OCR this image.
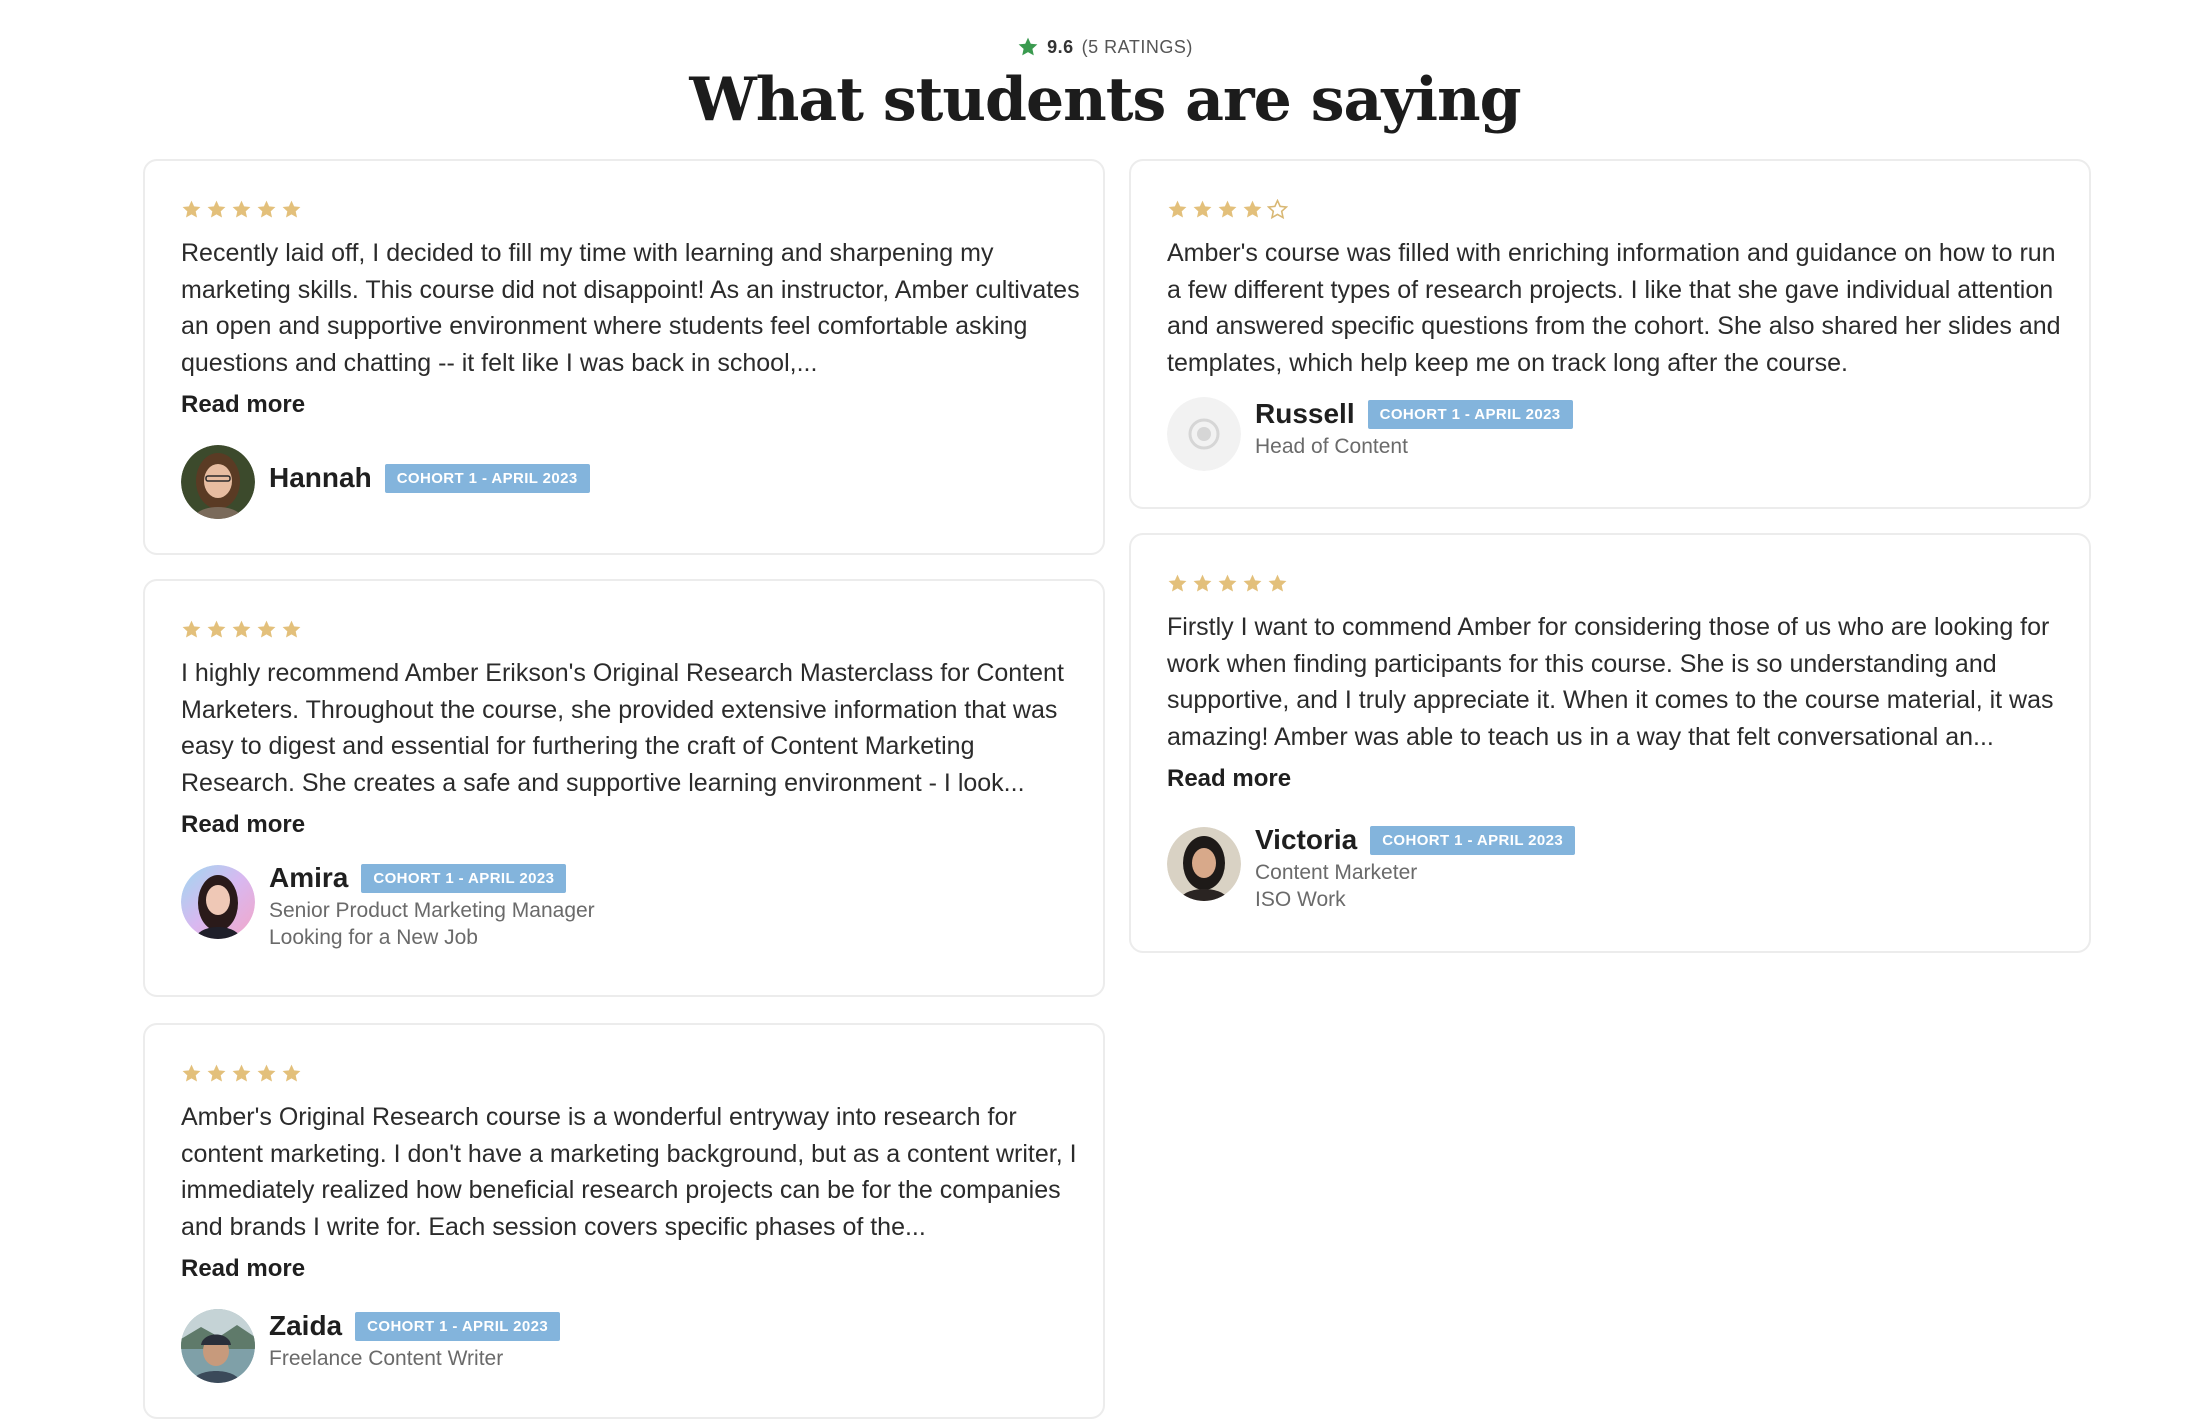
9.6 (5 RATINGS)
What students are saying

Recently laid off, I decided to fill my time with learning and sharpening my marketing skills. This course did not disappoint! As an instructor, Amber cultivates an open and supportive environment where students feel comfortable asking questions and chatting -- it felt like I was back in school,...

Read more
Hannah	COHORT 1 - APRIL 2023

I highly recommend Amber Erikson's Original Research Masterclass for Content Marketers. Throughout the course, she provided extensive information that was easy to digest and essential for furthering the craft of Content Marketing Research. She creates a safe and supportive learning environment - I look...

Read more
Amira	COHORT 1 - APRIL 2023
Senior Product Marketing Manager
Looking for a New Job

Amber's Original Research course is a wonderful entryway into research for content marketing. I don't have a marketing background, but as a content writer, I immediately realized how beneficial research projects can be for the companies and brands I write for. Each session covers specific phases of the...

Read more
Zaida	COHORT 1 - APRIL 2023
Freelance Content Writer

Amber's course was filled with enriching information and guidance on how to run a few different types of research projects. I like that she gave individual attention and answered specific questions from the cohort. She also shared her slides and templates, which help keep me on track long after the course.

Russell	COHORT 1 - APRIL 2023
Head of Content

Firstly I want to commend Amber for considering those of us who are looking for work when finding participants for this course. She is so understanding and supportive, and I truly appreciate it. When it comes to the course material, it was amazing! Amber was able to teach us in a way that felt conversational an...

Read more
Victoria	COHORT 1 - APRIL 2023
Content Marketer
ISO Work
